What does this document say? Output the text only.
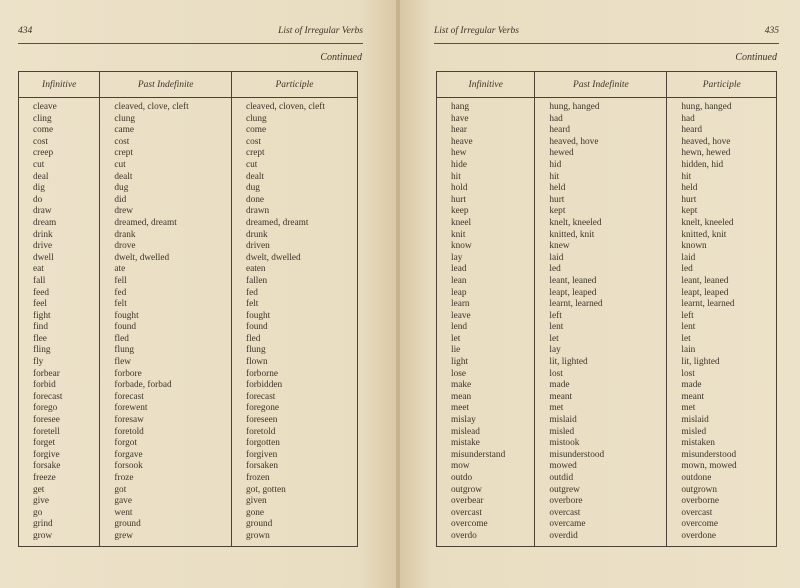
434	List of Irregular Verbs
Continued
Infinitive	Past Indefinite	Participle
cleave	cleaved, clove, cleft	cleaved, cloven, cleft
cling	clung	clung
come	came	come
cost	cost	cost
creep	crept	crept
cut	cut	cut
deal	dealt	dealt
dig	dug	dug
do	did	done
draw	drew	drawn
dream	dreamed, dreamt	dreamed, dreamt
drink	drank	drunk
drive	drove	driven
dwell	dwelt, dwelled	dwelt, dwelled
eat	ate	eaten
fall	fell	fallen
feed	fed	fed
feel	felt	felt
fight	fought	fought
find	found	found
flee	fled	fled
fling	flung	flung
fly	flew	flown
forbear	forbore	forborne
forbid	forbade, forbad	forbidden
forecast	forecast	forecast
forego	forewent	foregone
foresee	foresaw	foreseen
foretell	foretold	foretold
forget	forgot	forgotten
forgive	forgave	forgiven
forsake	forsook	forsaken
freeze	froze	frozen
get	got	got, gotten
give	gave	given
go	went	gone
grind	ground	ground
grow	grew	grown
List of Irregular Verbs	435
Continued
Infinitive	Past Indefinite	Participle
hang	hung, hanged	hung, hanged
have	had	had
hear	heard	heard
heave	heaved, hove	heaved, hove
hew	hewed	hewn, hewed
hide	hid	hidden, hid
hit	hit	hit
hold	held	held
hurt	hurt	hurt
keep	kept	kept
kneel	knelt, kneeled	knelt, kneeled
knit	knitted, knit	knitted, knit
know	knew	known
lay	laid	laid
lead	led	led
lean	leant, leaned	leant, leaned
leap	leapt, leaped	leapt, leaped
learn	learnt, learned	learnt, learned
leave	left	left
lend	lent	lent
let	let	let
lie	lay	lain
light	lit, lighted	lit, lighted
lose	lost	lost
make	made	made
mean	meant	meant
meet	met	met
mislay	mislaid	mislaid
mislead	misled	misled
mistake	mistook	mistaken
misunderstand	misunderstood	misunderstood
mow	mowed	mown, mowed
outdo	outdid	outdone
outgrow	outgrew	outgrown
overbear	overbore	overborne
overcast	overcast	overcast
overcome	overcame	overcome
overdo	overdid	overdone
